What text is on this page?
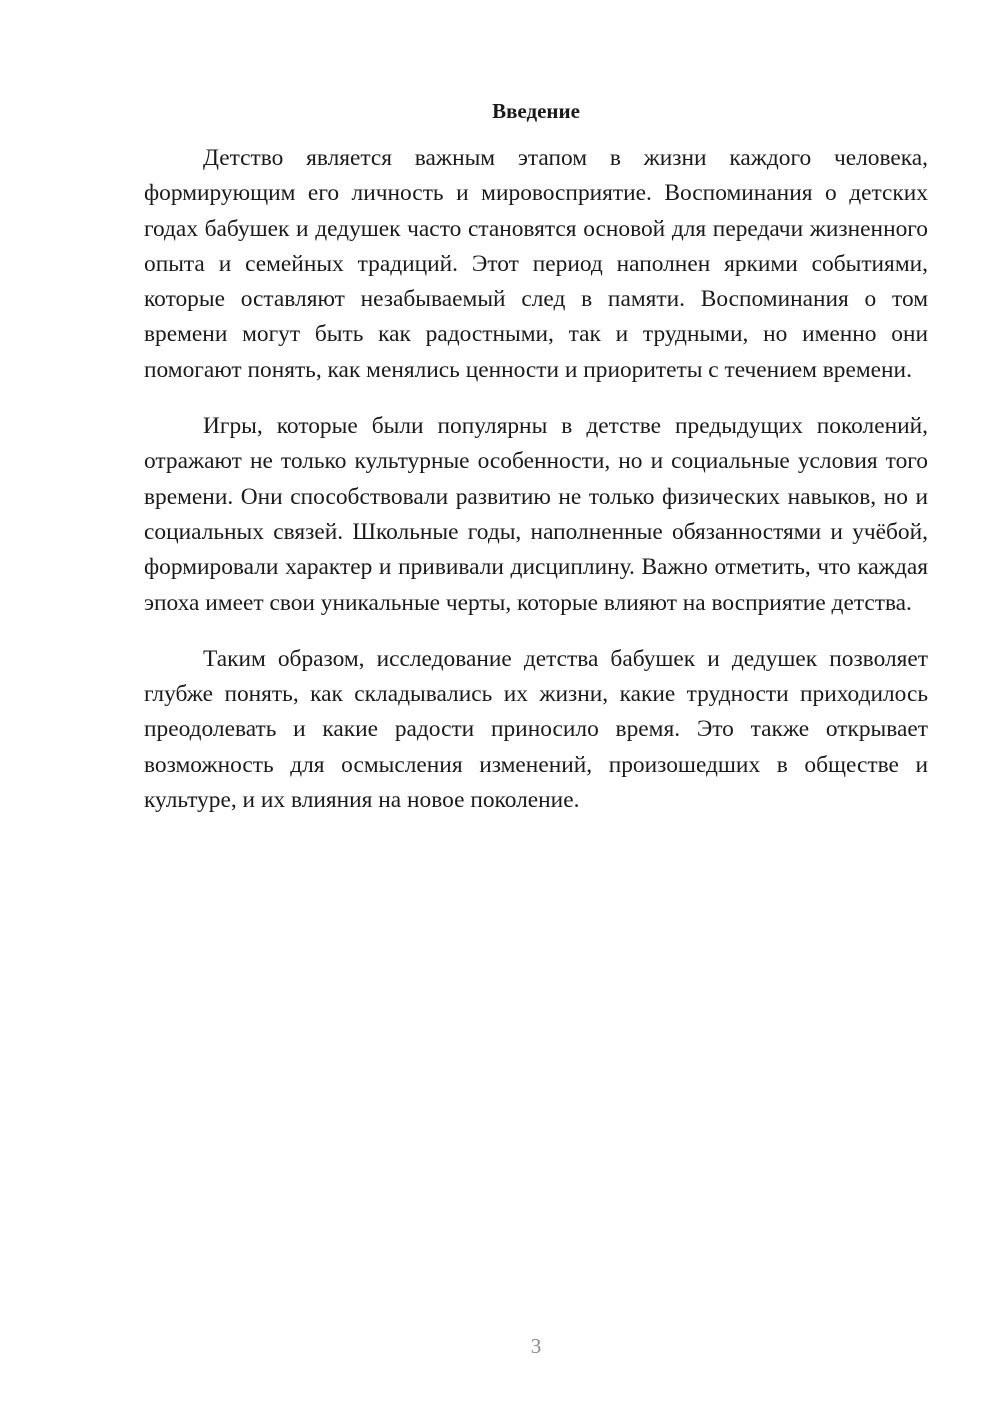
Введение

Детство является важным этапом в жизни каждого человека, формирующим его личность и мировосприятие. Воспоминания о детских годах бабушек и дедушек часто становятся основой для передачи жизненного опыта и семейных традиций. Этот период наполнен яркими событиями, которые оставляют незабываемый след в памяти. Воспоминания о том времени могут быть как радостными, так и трудными, но именно они помогают понять, как менялись ценности и приоритеты с течением времени.

Игры, которые были популярны в детстве предыдущих поколений, отражают не только культурные особенности, но и социальные условия того времени. Они способствовали развитию не только физических навыков, но и социальных связей. Школьные годы, наполненные обязанностями и учёбой, формировали характер и прививали дисциплину. Важно отметить, что каждая эпоха имеет свои уникальные черты, которые влияют на восприятие детства.

Таким образом, исследование детства бабушек и дедушек позволяет глубже понять, как складывались их жизни, какие трудности приходилось преодолевать и какие радости приносило время. Это также открывает возможность для осмысления изменений, произошедших в обществе и культуре, и их влияния на новое поколение.

3
